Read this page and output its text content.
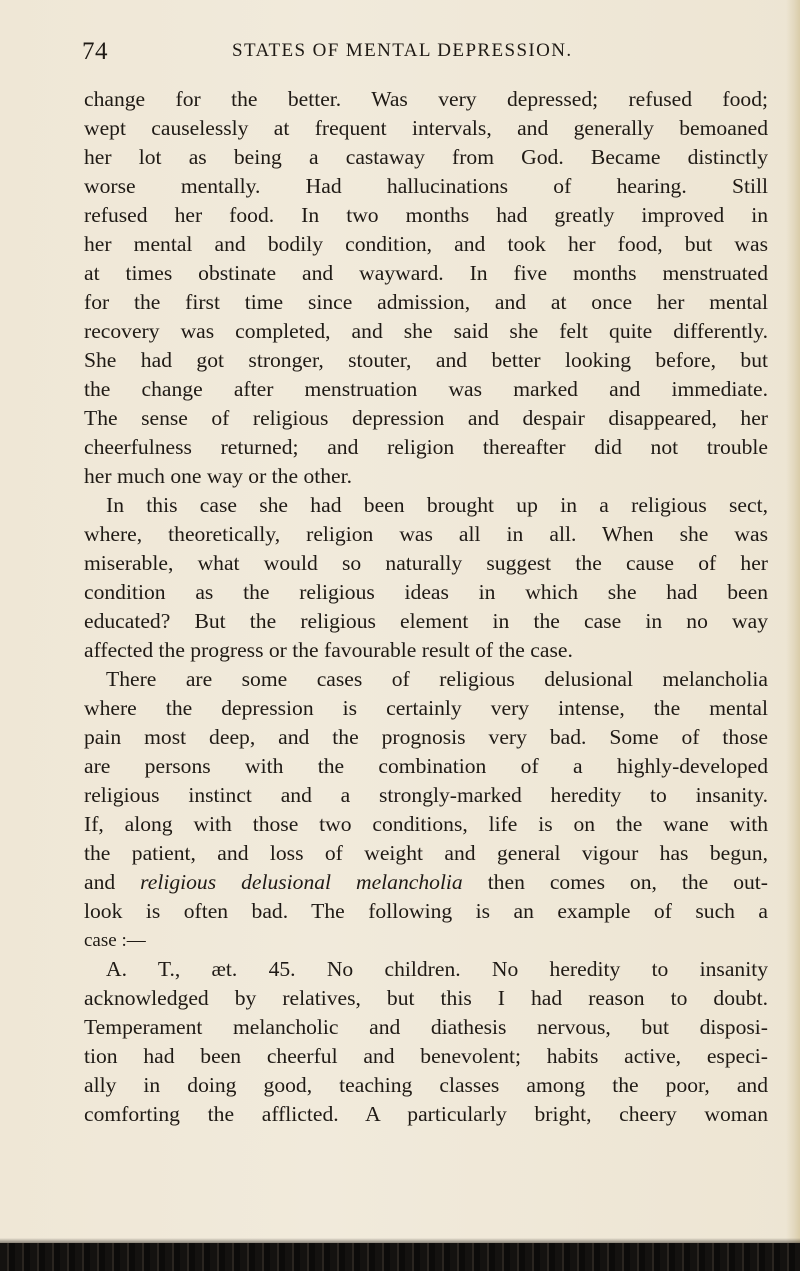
74	STATES OF MENTAL DEPRESSION.
change for the better. Was very depressed; refused food;
wept causelessly at frequent intervals, and generally bemoaned
her lot as being a castaway from God. Became distinctly
worse mentally. Had hallucinations of hearing. Still
refused her food. In two months had greatly improved in
her mental and bodily condition, and took her food, but was
at times obstinate and wayward. In five months menstruated
for the first time since admission, and at once her mental
recovery was completed, and she said she felt quite differently.
She had got stronger, stouter, and better looking before, but
the change after menstruation was marked and immediate.
The sense of religious depression and despair disappeared, her
cheerfulness returned; and religion thereafter did not trouble
her much one way or the other.
In this case she had been brought up in a religious sect,
where, theoretically, religion was all in all. When she was
miserable, what would so naturally suggest the cause of her
condition as the religious ideas in which she had been
educated? But the religious element in the case in no way
affected the progress or the favourable result of the case.
There are some cases of religious delusional melancholia
where the depression is certainly very intense, the mental
pain most deep, and the prognosis very bad. Some of those
are persons with the combination of a highly-developed
religious instinct and a strongly-marked heredity to insanity.
If, along with those two conditions, life is on the wane with
the patient, and loss of weight and general vigour has begun,
and religious delusional melancholia then comes on, the out-
look is often bad. The following is an example of such a
case :—
A. T., æt. 45. No children. No heredity to insanity
acknowledged by relatives, but this I had reason to doubt.
Temperament melancholic and diathesis nervous, but disposi-
tion had been cheerful and benevolent; habits active, especi-
ally in doing good, teaching classes among the poor, and
comforting the afflicted. A particularly bright, cheery woman
